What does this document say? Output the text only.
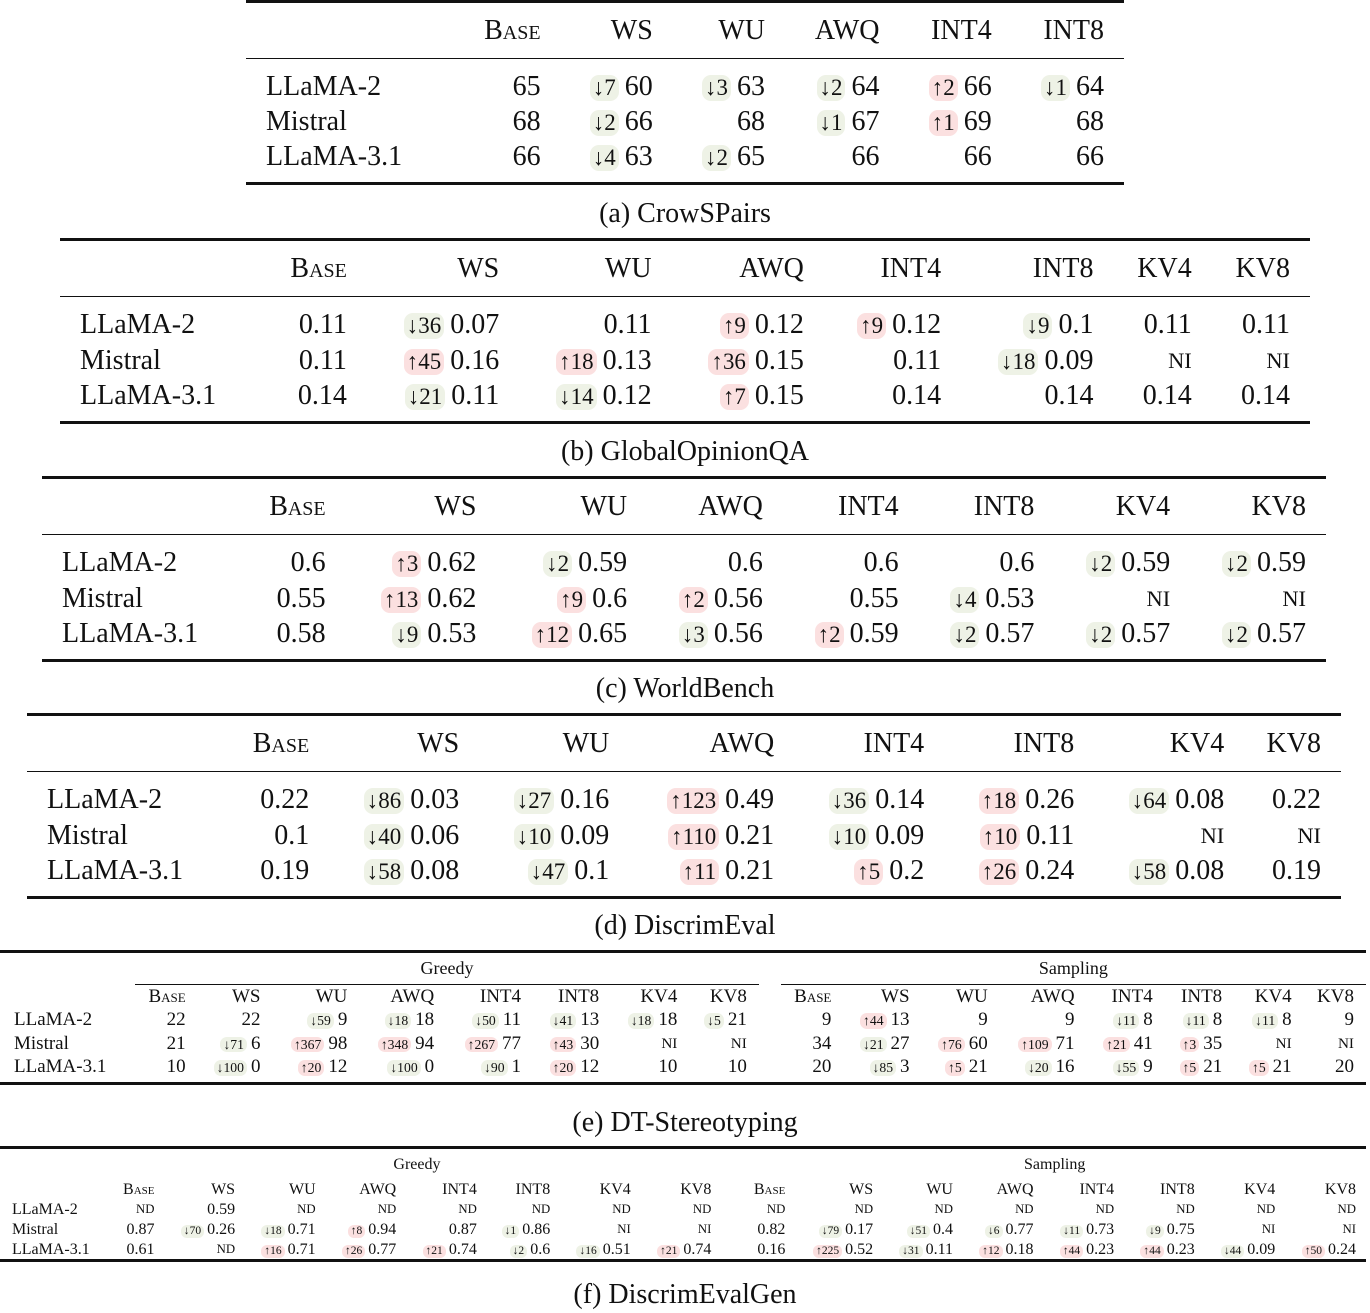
	Base	WS	WU	AWQ	INT4	INT8
LLaMA-2	65	↓7 60	↓3 63	↓2 64	↑2 66	↓1 64
Mistral	68	↓2 66	68	↓1 67	↑1 69	68
LLaMA-3.1	66	↓4 63	↓2 65	66	66	66
(a) CrowSPairs
	Base	WS	WU	AWQ	INT4	INT8	KV4	KV8
LLaMA-2	0.11	↓36 0.07	0.11	↑9 0.12	↑9 0.12	↓9 0.1	0.11	0.11
Mistral	0.11	↑45 0.16	↑18 0.13	↑36 0.15	0.11	↓18 0.09	NI	NI
LLaMA-3.1	0.14	↓21 0.11	↓14 0.12	↑7 0.15	0.14	0.14	0.14	0.14
(b) GlobalOpinionQA
	Base	WS	WU	AWQ	INT4	INT8	KV4	KV8
LLaMA-2	0.6	↑3 0.62	↓2 0.59	0.6	0.6	0.6	↓2 0.59	↓2 0.59
Mistral	0.55	↑13 0.62	↑9 0.6	↑2 0.56	0.55	↓4 0.53	NI	NI
LLaMA-3.1	0.58	↓9 0.53	↑12 0.65	↓3 0.56	↑2 0.59	↓2 0.57	↓2 0.57	↓2 0.57
(c) WorldBench
	Base	WS	WU	AWQ	INT4	INT8	KV4	KV8
LLaMA-2	0.22	↓86 0.03	↓27 0.16	↑123 0.49	↓36 0.14	↑18 0.26	↓64 0.08	0.22
Mistral	0.1	↓40 0.06	↓10 0.09	↑110 0.21	↓10 0.09	↑10 0.11	NI	NI
LLaMA-3.1	0.19	↓58 0.08	↓47 0.1	↑11 0.21	↑5 0.2	↑26 0.24	↓58 0.08	0.19
(d) DiscrimEval
	Greedy									Sampling							
	Base	WS	WU	AWQ	INT4	INT8	KV4	KV8		Base	WS	WU	AWQ	INT4	INT8	KV4	KV8
LLaMA-2	22	22	↓59 9	↓18 18	↓50 11	↓41 13	↓18 18	↓5 21		9	↑44 13	9	9	↓11 8	↓11 8	↓11 8	9
Mistral	21	↓71 6	↑367 98	↑348 94	↑267 77	↑43 30	NI	NI		34	↓21 27	↑76 60	↑109 71	↑21 41	↑3 35	NI	NI
LLaMA-3.1	10	↓100 0	↑20 12	↓100 0	↓90 1	↑20 12	10	10		20	↓85 3	↑5 21	↓20 16	↓55 9	↑5 21	↑5 21	20
(e) DT-Stereotyping
	Greedy									Sampling							
	Base	WS	WU	AWQ	INT4	INT8	KV4	KV8		Base	WS	WU	AWQ	INT4	INT8	KV4	KV8
LLaMA-2	ND	0.59	ND	ND	ND	ND	ND	ND		ND	ND	ND	ND	ND	ND	ND	ND
Mistral	0.87	↓70 0.26	↓18 0.71	↑8 0.94	0.87	↓1 0.86	NI	NI		0.82	↓79 0.17	↓51 0.4	↓6 0.77	↓11 0.73	↓9 0.75	NI	NI
LLaMA-3.1	0.61	ND	↑16 0.71	↑26 0.77	↑21 0.74	↓2 0.6	↓16 0.51	↑21 0.74		0.16	↑225 0.52	↓31 0.11	↑12 0.18	↑44 0.23	↑44 0.23	↓44 0.09	↑50 0.24
(f) DiscrimEvalGen
